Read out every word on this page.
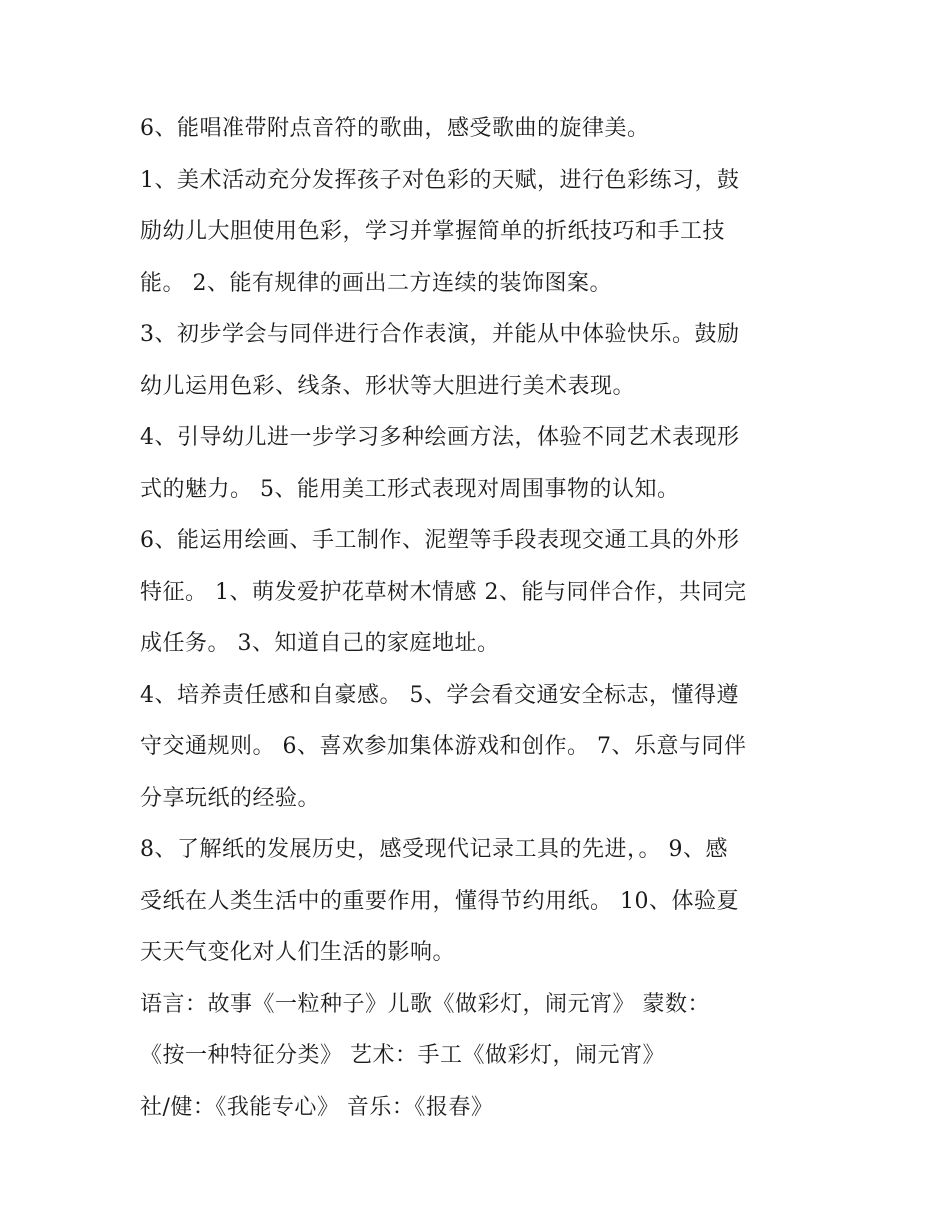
6、能唱准带附点音符的歌曲，感受歌曲的旋律美。
1、美术活动充分发挥孩子对色彩的天赋，进行色彩练习，鼓
励幼儿大胆使用色彩，学习并掌握简单的折纸技巧和手工技
能。 2、能有规律的画出二方连续的装饰图案。
3、初步学会与同伴进行合作表演，并能从中体验快乐。鼓励
幼儿运用色彩、线条、形状等大胆进行美术表现。
4、引导幼儿进一步学习多种绘画方法，体验不同艺术表现形
式的魅力。 5、能用美工形式表现对周围事物的认知。
6、能运用绘画、手工制作、泥塑等手段表现交通工具的外形
特征。 1、萌发爱护花草树木情感 2、能与同伴合作，共同完
成任务。 3、知道自己的家庭地址。
4、培养责任感和自豪感。 5、学会看交通安全标志，懂得遵
守交通规则。 6、喜欢参加集体游戏和创作。 7、乐意与同伴
分享玩纸的经验。
8、了解纸的发展历史，感受现代记录工具的先进，。 9、感
受纸在人类生活中的重要作用，懂得节约用纸。 10、体验夏
天天气变化对人们生活的影响。
语言：故事《一粒种子》儿歌《做彩灯，闹元宵》 蒙数：
《按一种特征分类》 艺术：手工《做彩灯，闹元宵》
社/健：《我能专心》 音乐：《报春》
